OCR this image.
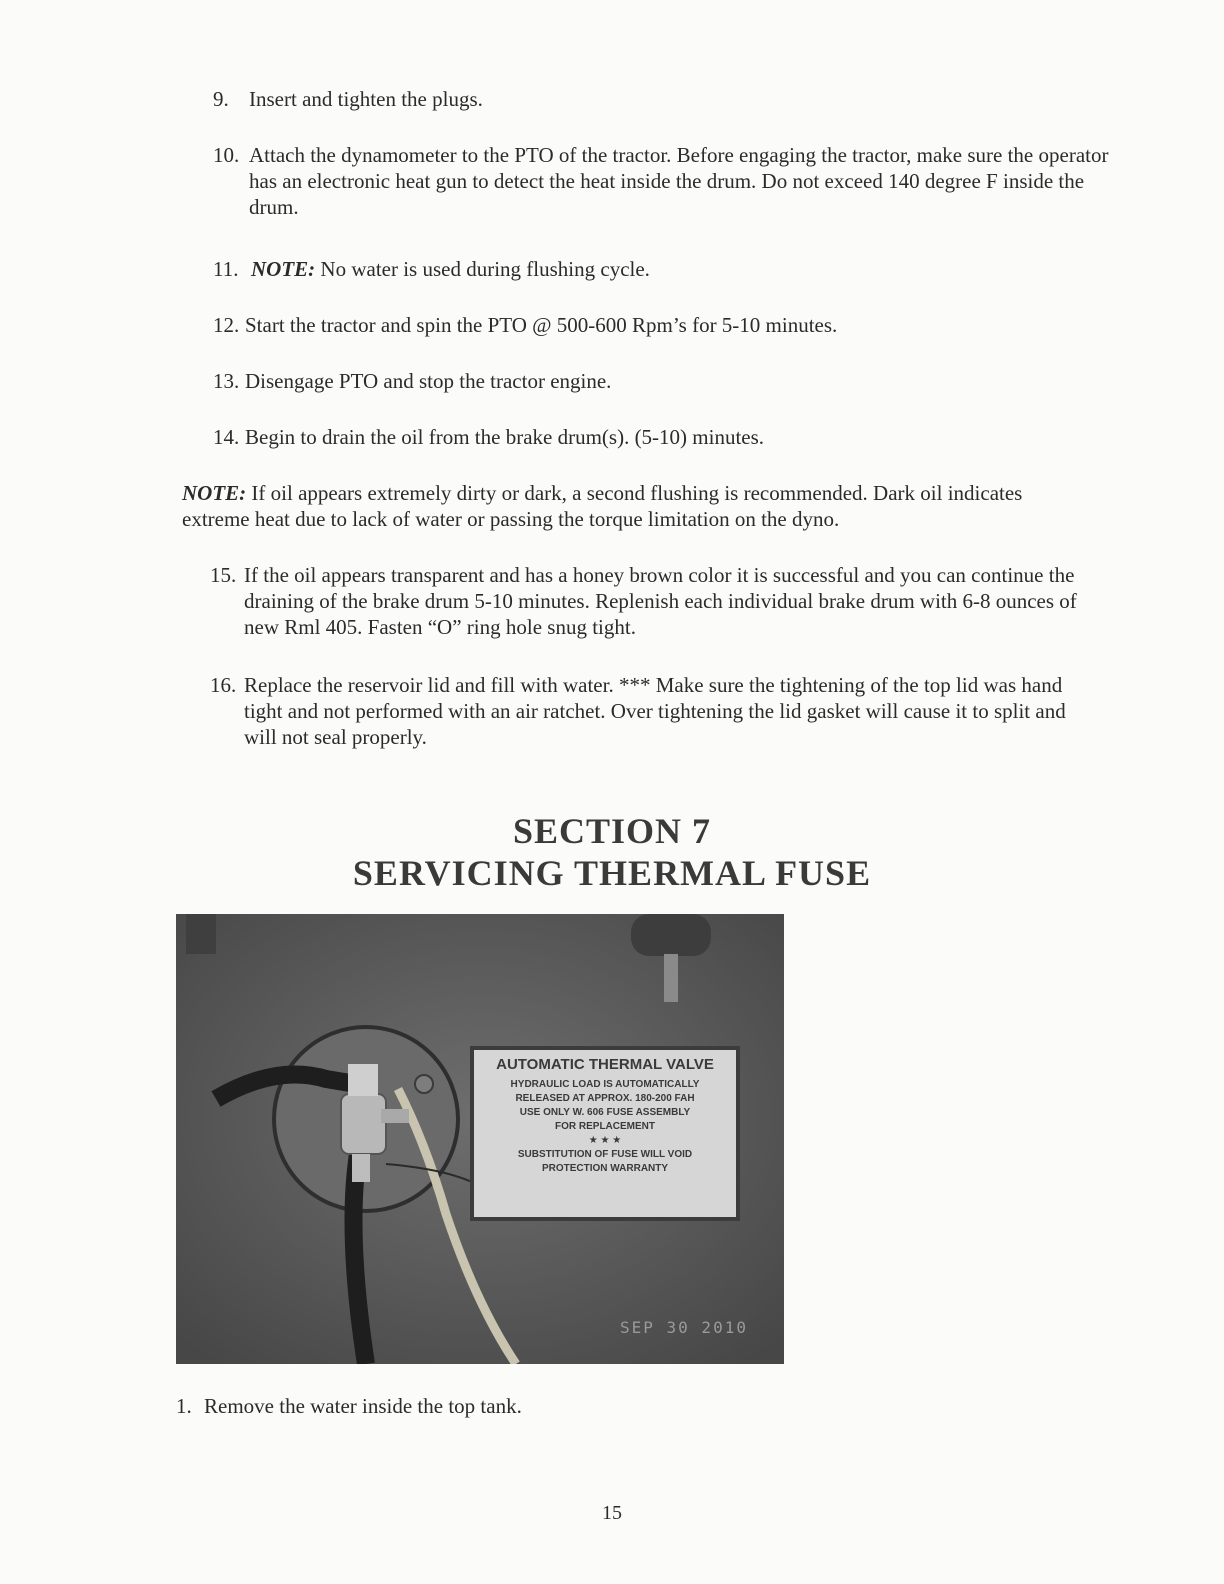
9. Insert and tighten the plugs.
10. Attach the dynamometer to the PTO of the tractor. Before engaging the tractor, make sure the operator has an electronic heat gun to detect the heat inside the drum. Do not exceed 140 degree F inside the drum.
11. NOTE: No water is used during flushing cycle.
12. Start the tractor and spin the PTO @ 500-600 Rpm’s for 5-10 minutes.
13. Disengage PTO and stop the tractor engine.
14. Begin to drain the oil from the brake drum(s). (5-10) minutes.
NOTE: If oil appears extremely dirty or dark, a second flushing is recommended. Dark oil indicates extreme heat due to lack of water or passing the torque limitation on the dyno.
15. If the oil appears transparent and has a honey brown color it is successful and you can continue the draining of the brake drum 5-10 minutes. Replenish each individual brake drum with 6-8 ounces of new Rml 405. Fasten “O” ring hole snug tight.
16. Replace the reservoir lid and fill with water. *** Make sure the tightening of the top lid was hand tight and not performed with an air ratchet. Over tightening the lid gasket will cause it to split and will not seal properly.
SECTION 7
SERVICING THERMAL FUSE
AUTOMATIC THERMAL VALVE
HYDRAULIC LOAD IS AUTOMATICALLY
RELEASED AT APPROX. 180-200 FAH
USE ONLY W. 606 FUSE ASSEMBLY
FOR REPLACEMENT
★ ★ ★
SUBSTITUTION OF FUSE WILL VOID
PROTECTION WARRANTY
SEP 30 2010
1. Remove the water inside the top tank.
15
